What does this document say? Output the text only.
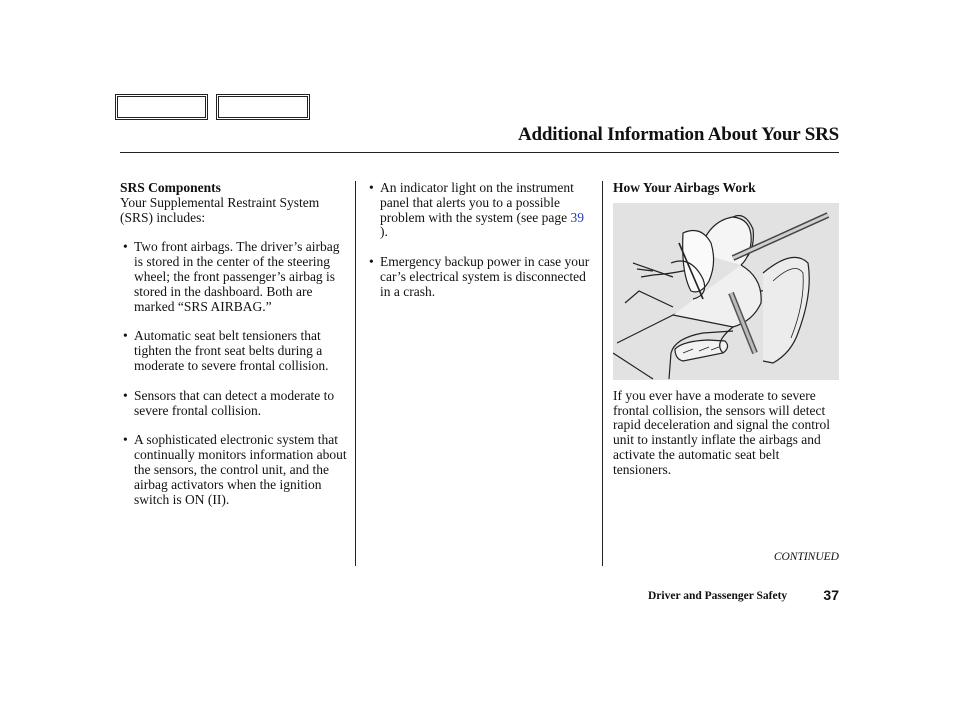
Additional Information About Your SRS

SRS Components

Your Supplemental Restraint System (SRS) includes:

• Two front airbags. The driver’s airbag is stored in the center of the steering wheel; the front passenger’s airbag is stored in the dashboard. Both are marked “SRS AIRBAG.”
• Automatic seat belt tensioners that tighten the front seat belts during a moderate to severe frontal collision.
• Sensors that can detect a moderate to severe frontal collision.
• A sophisticated electronic system that continually monitors information about the sensors, the control unit, and the airbag activators when the ignition switch is ON (II).
• An indicator light on the instrument panel that alerts you to a possible problem with the system (see page 39 ).
• Emergency backup power in case your car’s electrical system is disconnected in a crash.

How Your Airbags Work

If you ever have a moderate to severe frontal collision, the sensors will detect rapid deceleration and signal the control unit to instantly inflate the airbags and activate the automatic seat belt tensioners.

CONTINUED
Driver and Passenger Safety	37
